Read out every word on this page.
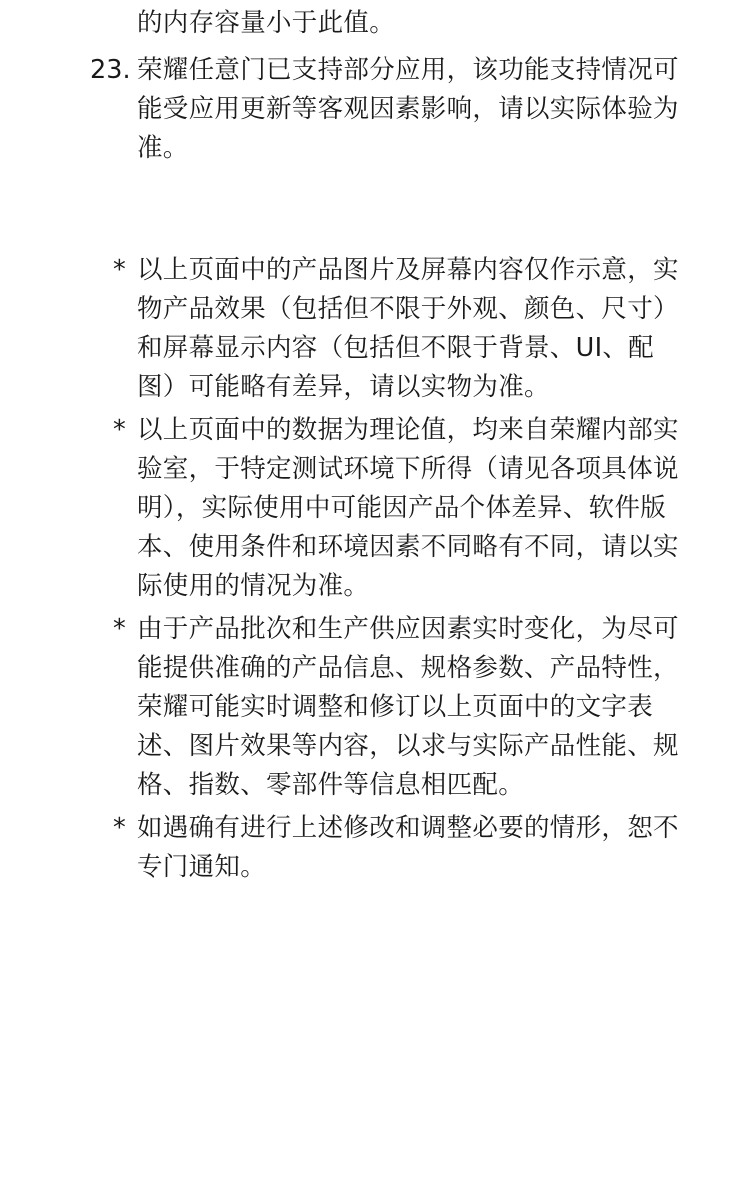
的内存容量小于此值。
23. 荣耀任意门已支持部分应用，该功能支持情况可
能受应用更新等客观因素影响，请以实际体验为
准。
* 以上页面中的产品图片及屏幕内容仅作示意，实
物产品效果（包括但不限于外观、颜色、尺寸）
和屏幕显示内容（包括但不限于背景、UI、配
图）可能略有差异，请以实物为准。
* 以上页面中的数据为理论值，均来自荣耀内部实
验室，于特定测试环境下所得（请见各项具体说
明），实际使用中可能因产品个体差异、软件版
本、使用条件和环境因素不同略有不同，请以实
际使用的情况为准。
* 由于产品批次和生产供应因素实时变化，为尽可
能提供准确的产品信息、规格参数、产品特性，
荣耀可能实时调整和修订以上页面中的文字表
述、图片效果等内容，以求与实际产品性能、规
格、指数、零部件等信息相匹配。
* 如遇确有进行上述修改和调整必要的情形，恕不
专门通知。
